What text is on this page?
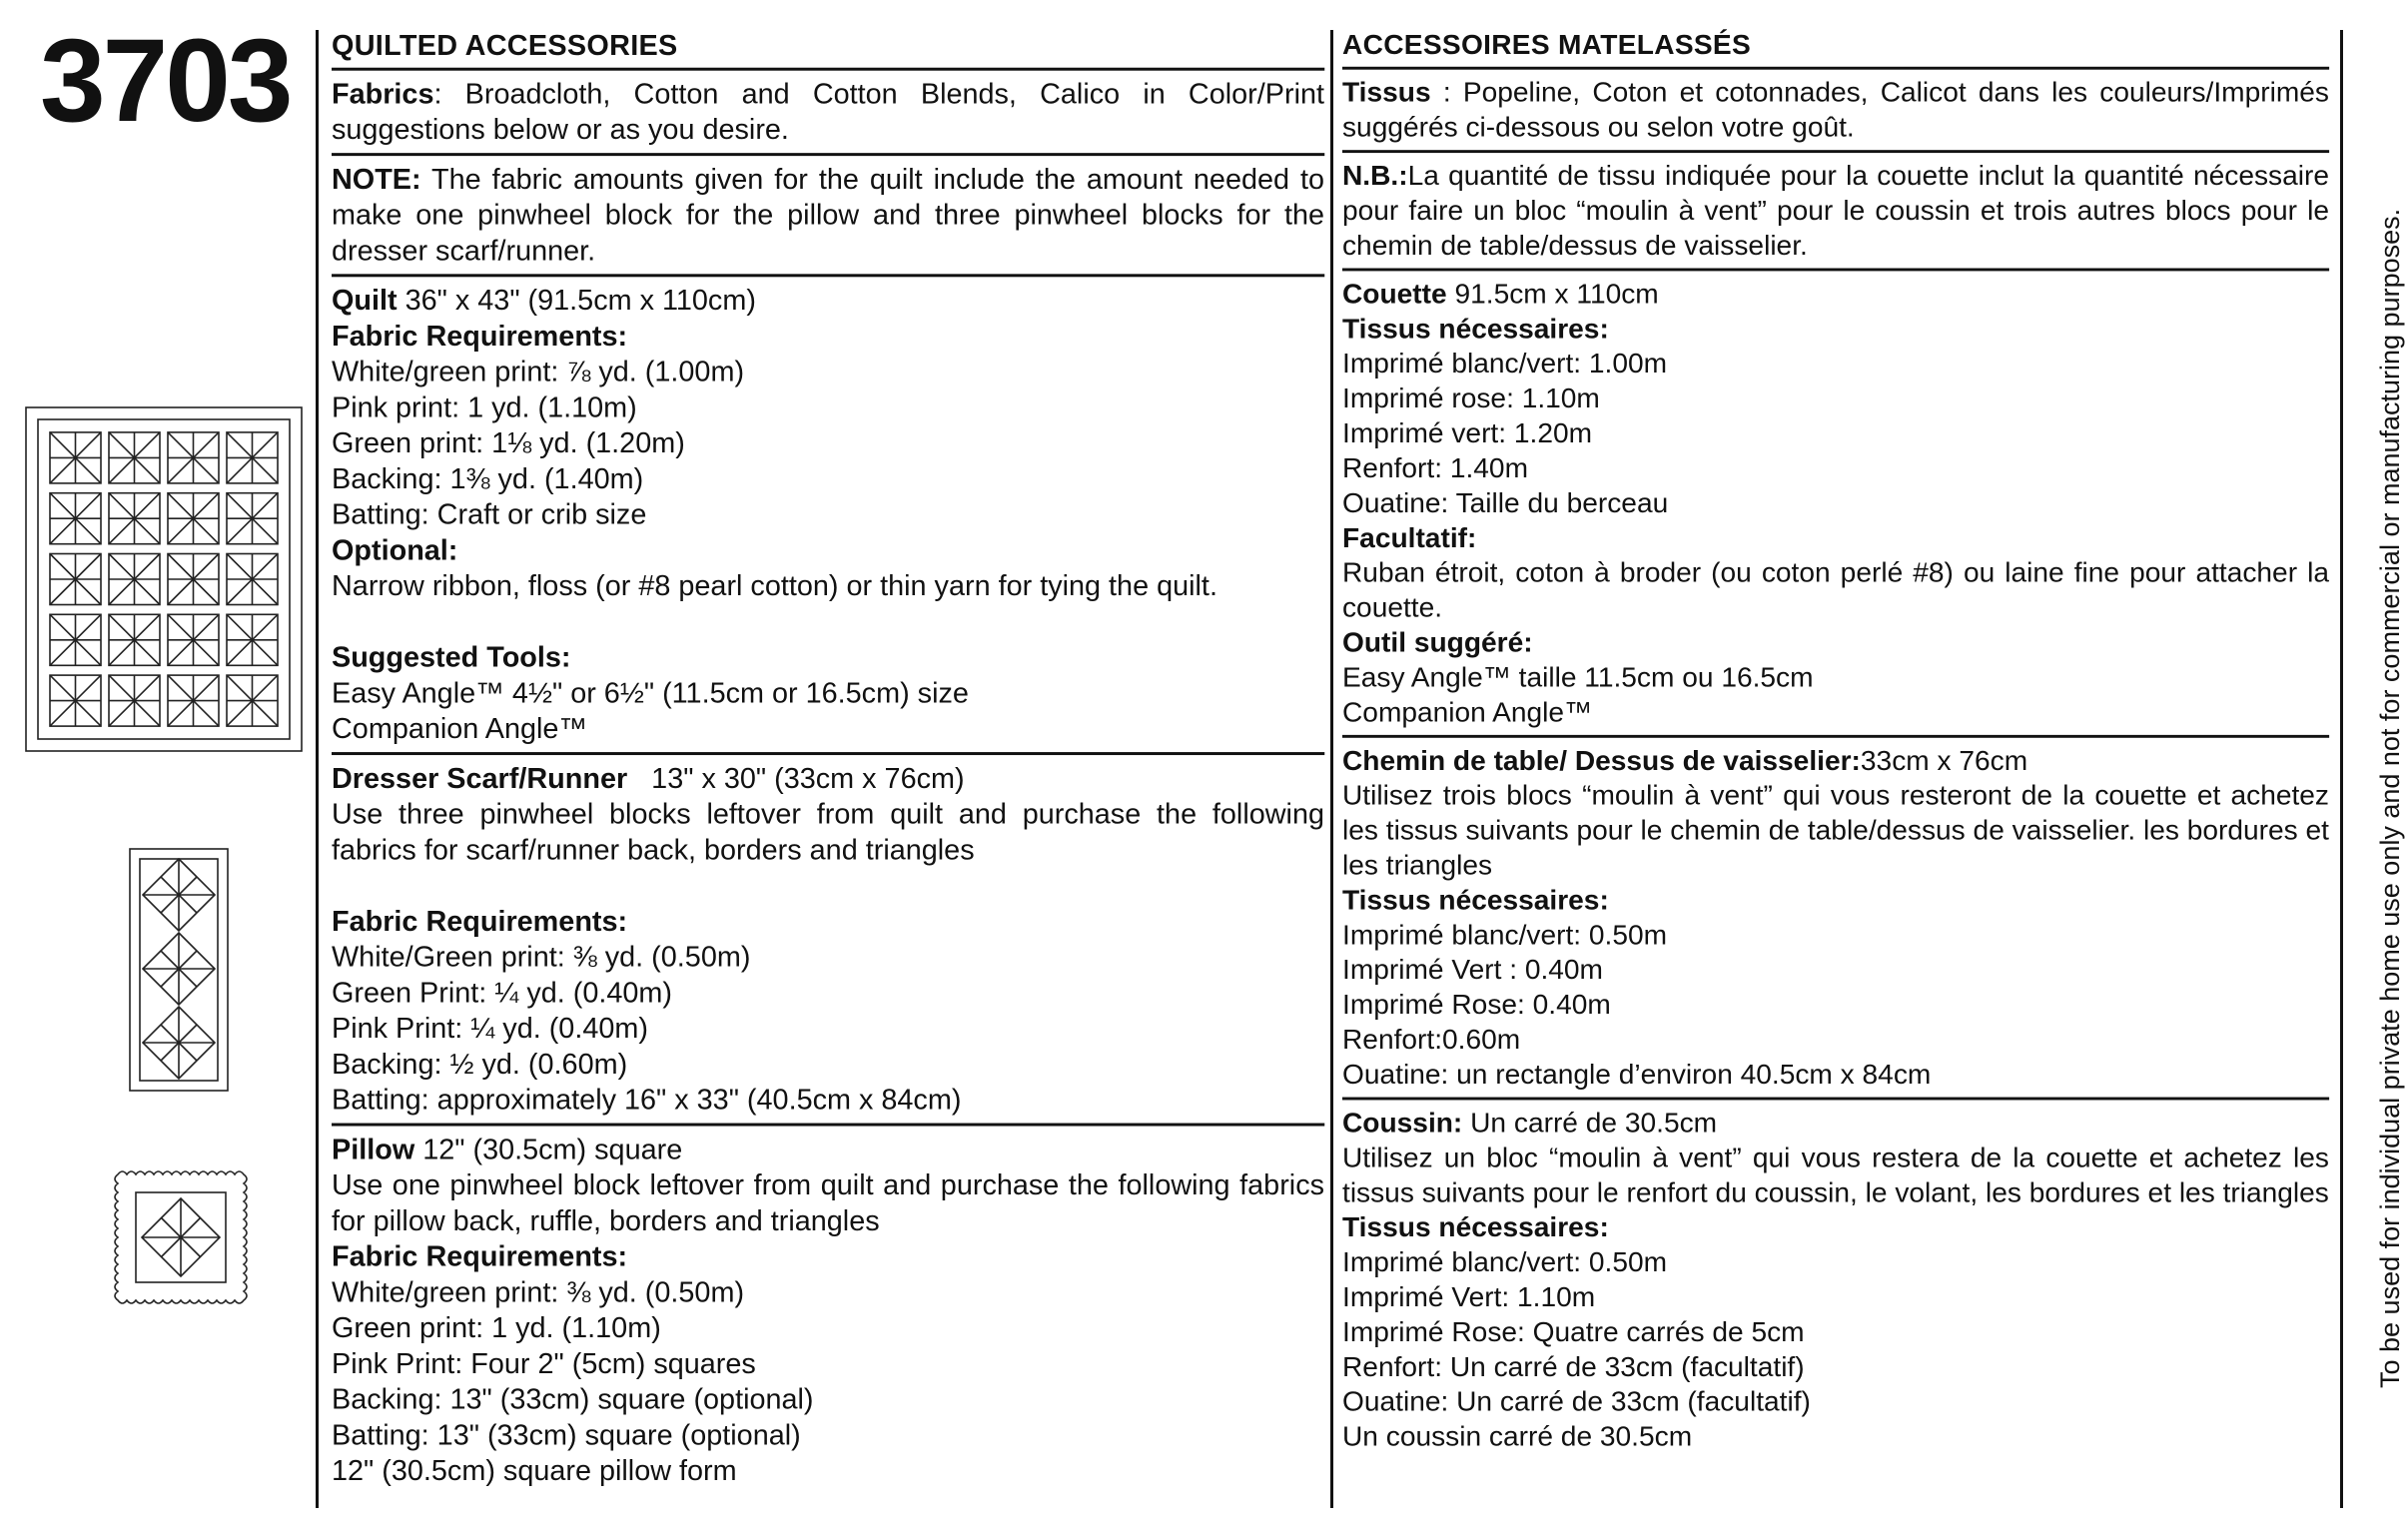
3703 QUILTED ACCESSORIES
Fabrics: Broadcloth, Cotton and Cotton Blends, Calico in Color/Print suggestions below or as you desire.
NOTE: The fabric amounts given for the quilt include the amount needed to make one pinwheel block for the pillow and three pinwheel blocks for the dresser scarf/runner.
Quilt 36" x 43" (91.5cm x 110cm)
Fabric Requirements:
White/green print: ⅞ yd. (1.00m)
Pink print: 1 yd. (1.10m)
Green print: 1⅛ yd. (1.20m)
Backing: 1⅜ yd. (1.40m)
Batting: Craft or crib size
Optional:
Narrow ribbon, floss (or #8 pearl cotton) or thin yarn for tying the quilt.
Suggested Tools:
Easy Angle™ 4½" or 6½" (11.5cm or 16.5cm) size
Companion Angle™
Dresser Scarf/Runner   13" x 30" (33cm x 76cm)
Use three pinwheel blocks leftover from quilt and purchase the following fabrics for scarf/runner back, borders and triangles
Fabric Requirements:
White/Green print: ⅜ yd. (0.50m)
Green Print: ¼ yd. (0.40m)
Pink Print: ¼ yd. (0.40m)
Backing: ½ yd. (0.60m)
Batting: approximately 16" x 33" (40.5cm x 84cm)
Pillow 12" (30.5cm) square
Use one pinwheel block leftover from quilt and purchase the following fabrics for pillow back, ruffle, borders and triangles
Fabric Requirements:
White/green print: ⅜ yd. (0.50m)
Green print: 1 yd. (1.10m)
Pink Print: Four 2" (5cm) squares
Backing: 13" (33cm) square (optional)
Batting: 13" (33cm) square (optional)
12" (30.5cm) square pillow form
ACCESSOIRES MATELASSÉS
Tissus : Popeline, Coton et cotonnades, Calicot dans les couleurs/Imprimés suggérés ci-dessous ou selon votre goût.
N.B.:La quantité de tissu indiquée pour la couette inclut la quantité nécessaire pour faire un bloc “moulin à vent” pour le coussin et trois autres blocs pour le chemin de table/dessus de vaisselier.
Couette 91.5cm x 110cm
Tissus nécessaires:
Imprimé blanc/vert: 1.00m
Imprimé rose: 1.10m
Imprimé vert: 1.20m
Renfort: 1.40m
Ouatine: Taille du berceau
Facultatif:
Ruban étroit, coton à broder (ou coton perlé #8) ou laine fine pour attacher la couette.
Outil suggéré:
Easy Angle™ taille 11.5cm ou 16.5cm
Companion Angle™
Chemin de table/ Dessus de vaisselier:33cm x 76cm
Utilisez trois blocs “moulin à vent” qui vous resteront de la couette et achetez les tissus suivants pour le chemin de table/dessus de vaisselier. les bordures et les triangles
Tissus nécessaires:
Imprimé blanc/vert: 0.50m
Imprimé Vert : 0.40m
Imprimé Rose: 0.40m
Renfort:0.60m
Ouatine: un rectangle d’environ 40.5cm x 84cm
Coussin: Un carré de 30.5cm
Utilisez un bloc “moulin à vent” qui vous restera de la couette et achetez les tissus suivants pour le renfort du coussin, le volant, les bordures et les triangles
Tissus nécessaires:
Imprimé blanc/vert: 0.50m
Imprimé Vert: 1.10m
Imprimé Rose: Quatre carrés de 5cm
Renfort: Un carré de 33cm (facultatif)
Ouatine: Un carré de 33cm (facultatif)
Un coussin carré de 30.5cm
To be used for individual private home use only and not for commercial or manufacturing purposes.
